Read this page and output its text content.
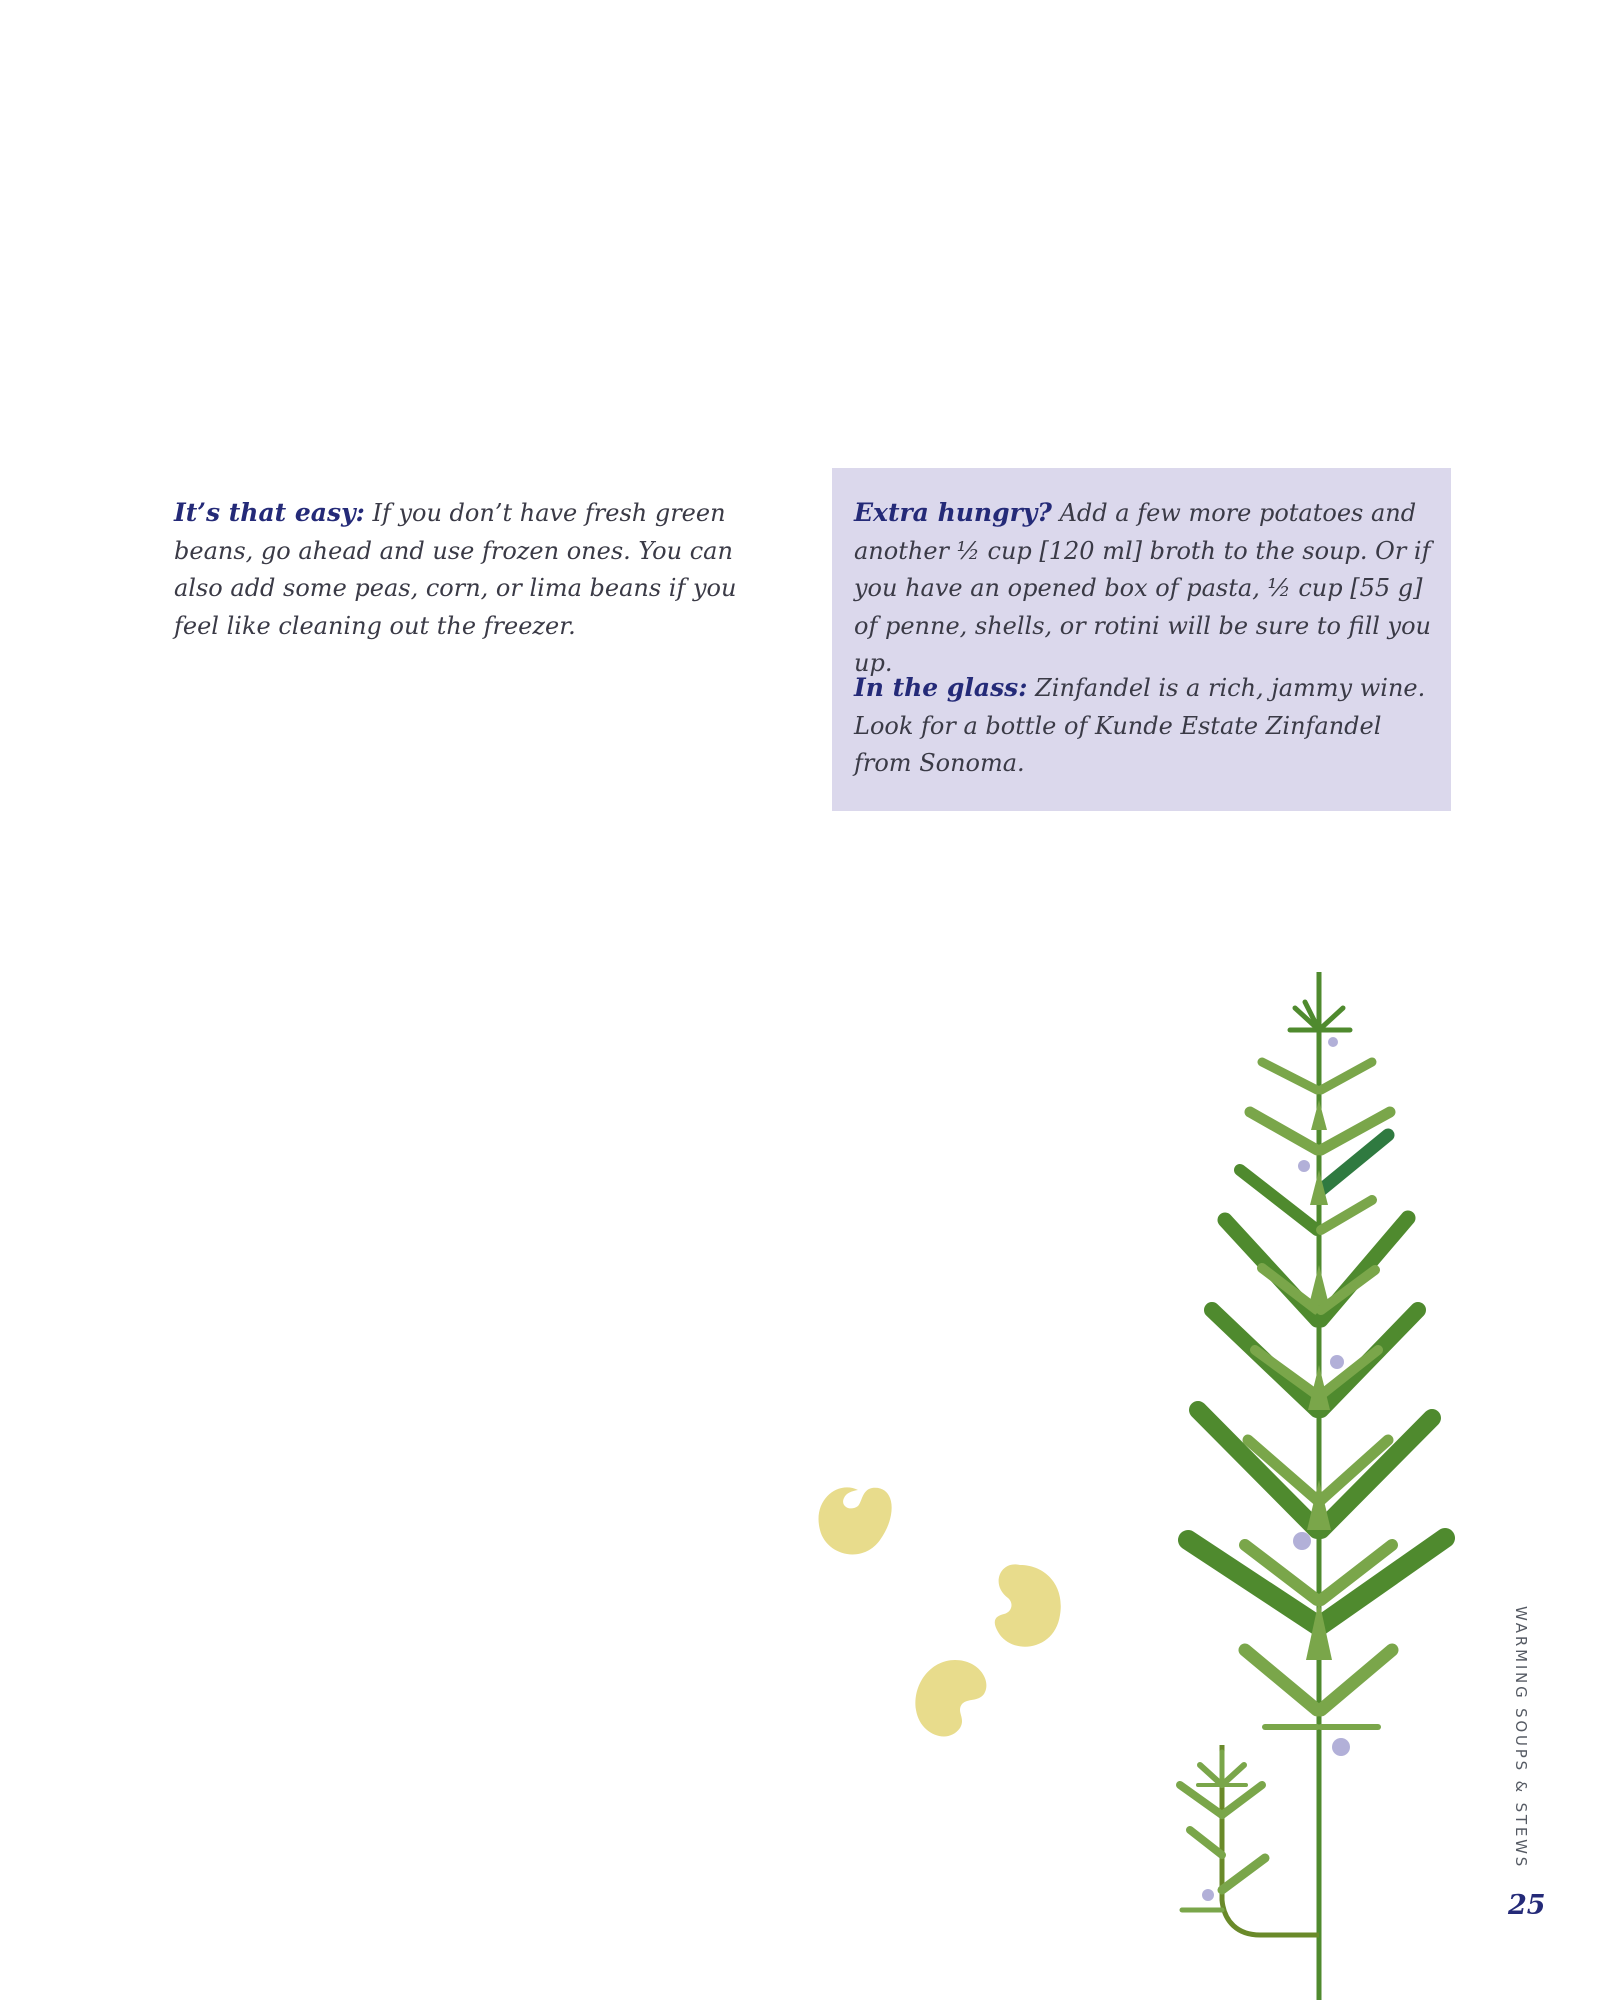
It’s that easy: If you don’t have fresh green beans, go ahead and use frozen ones. You can also add some peas, corn, or lima beans if you feel like cleaning out the freezer.
Extra hungry? Add a few more potatoes and another ½ cup [120 ml] broth to the soup. Or if you have an opened box of pasta, ½ cup [55 g] of penne, shells, or rotini will be sure to fill you up.
In the glass: Zinfandel is a rich, jammy wine. Look for a bottle of Kunde Estate Zinfandel from Sonoma.
WARMING SOUPS & STEWS
25
